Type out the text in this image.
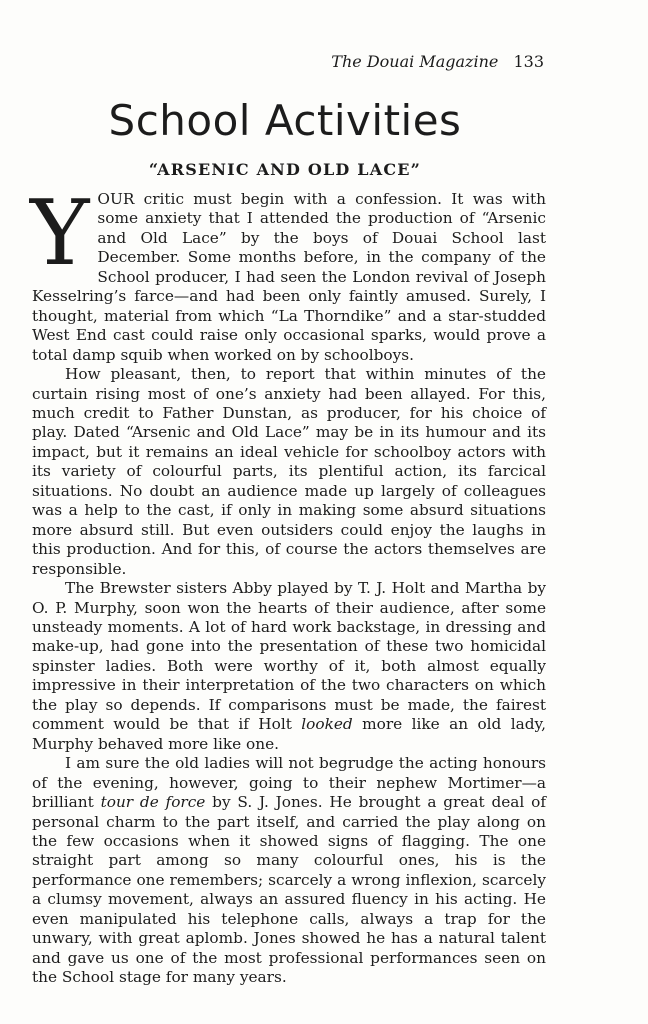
The Douai Magazine 133
School Activities
“ARSENIC AND OLD LACE”

YOUR critic must begin with a confession. It was with some anxiety that I attended the production of “Arsenic and Old Lace” by the boys of Douai School last December. Some months before, in the company of the School producer, I had seen the London revival of Joseph Kesselring’s farce—and had been only faintly amused. Surely, I thought, material from which “La Thorndike” and a star-studded West End cast could raise only occasional sparks, would prove a total damp squib when worked on by schoolboys.

How pleasant, then, to report that within minutes of the curtain rising most of one’s anxiety had been allayed. For this, much credit to Father Dunstan, as producer, for his choice of play. Dated “Arsenic and Old Lace” may be in its humour and its impact, but it remains an ideal vehicle for schoolboy actors with its variety of colourful parts, its plentiful action, its farcical situations. No doubt an audience made up largely of colleagues was a help to the cast, if only in making some absurd situations more absurd still. But even outsiders could enjoy the laughs in this production. And for this, of course the actors themselves are responsible.

The Brewster sisters Abby played by T. J. Holt and Martha by O. P. Murphy, soon won the hearts of their audience, after some unsteady moments. A lot of hard work backstage, in dressing and make-up, had gone into the presentation of these two homicidal spinster ladies. Both were worthy of it, both almost equally impressive in their interpretation of the two characters on which the play so depends. If comparisons must be made, the fairest comment would be that if Holt looked more like an old lady, Murphy behaved more like one.

I am sure the old ladies will not begrudge the acting honours of the evening, however, going to their nephew Mortimer—a brilliant tour de force by S. J. Jones. He brought a great deal of personal charm to the part itself, and carried the play along on the few occasions when it showed signs of flagging. The one straight part among so many colourful ones, his is the performance one remembers; scarcely a wrong inflexion, scarcely a clumsy movement, always an assured fluency in his acting. He even manipulated his telephone calls, always a trap for the unwary, with great aplomb. Jones showed he has a natural talent and gave us one of the most professional performances seen on the School stage for many years.
